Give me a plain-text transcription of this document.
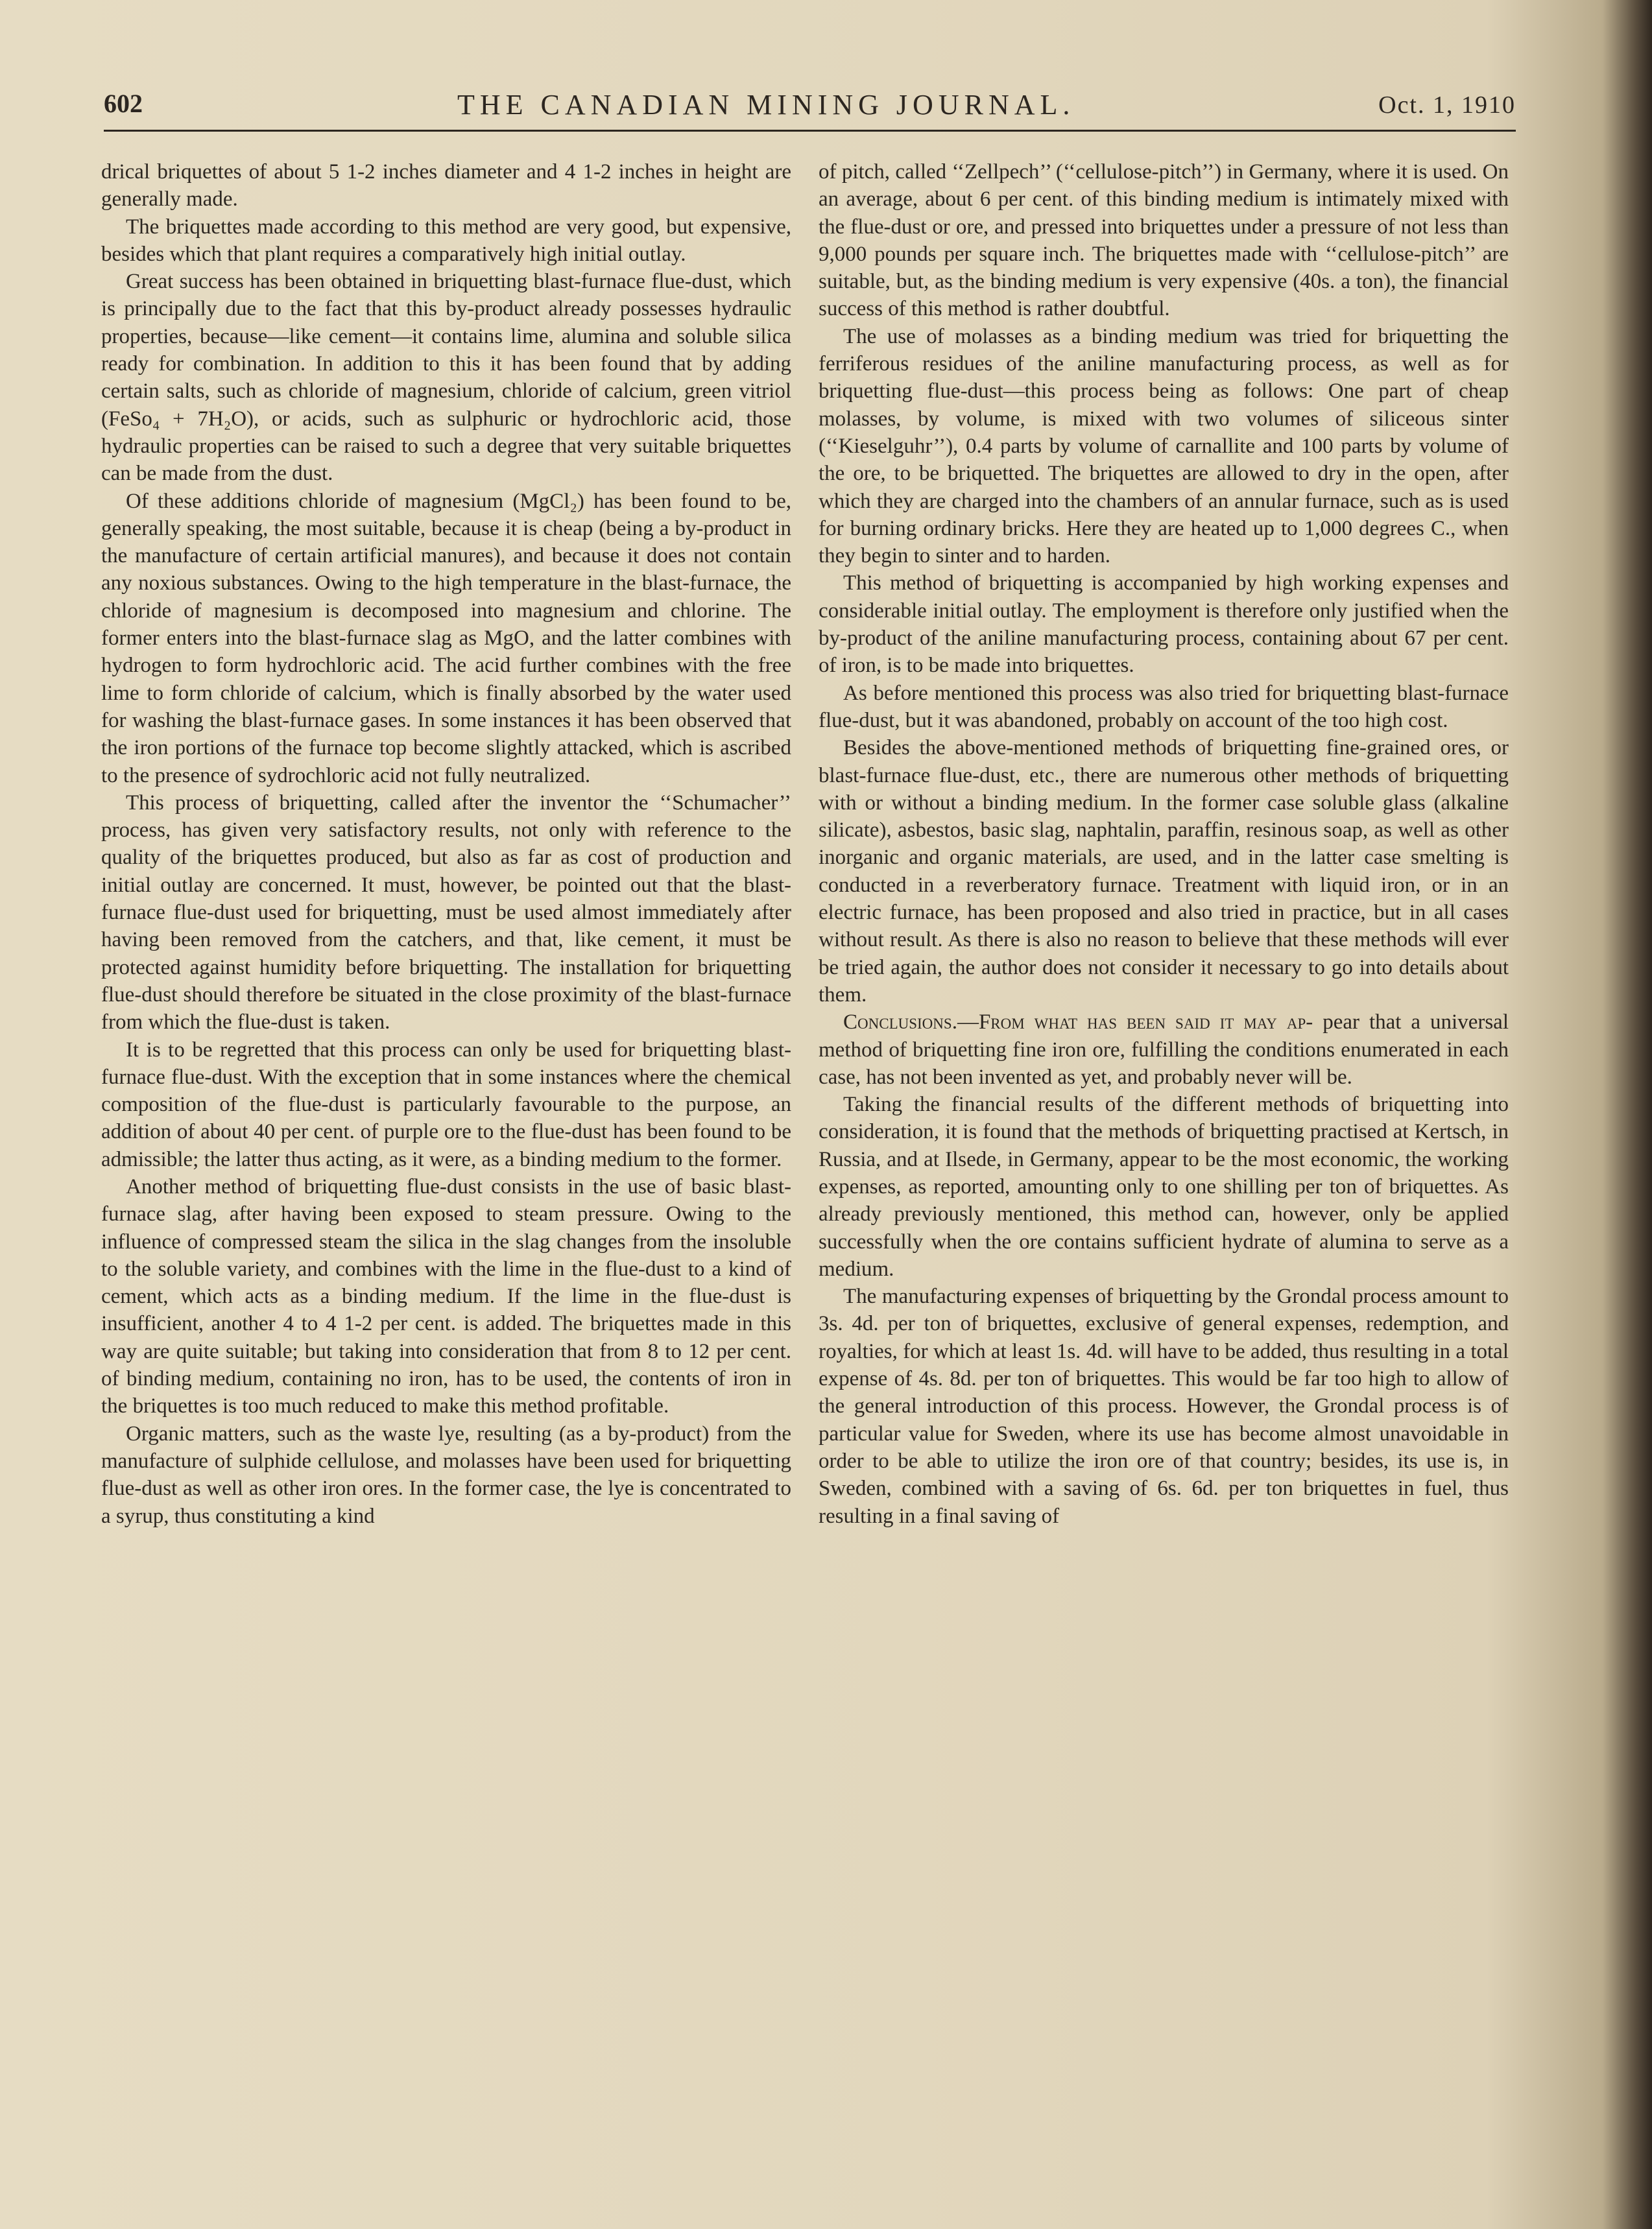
602	THE CANADIAN MINING JOURNAL.	Oct. 1, 1910

drical briquettes of about 5 1-2 inches diameter and 4 1-2 inches in height are generally made.

The briquettes made according to this method are very good, but expensive, besides which that plant requires a comparatively high initial outlay.

Great success has been obtained in briquetting blast-furnace flue-dust, which is principally due to the fact that this by-product already possesses hydraulic properties, because—like cement—it contains lime, alumina and soluble silica ready for combination. In addition to this it has been found that by adding certain salts, such as chloride of magnesium, chloride of calcium, green vitriol (FeSo₄ + 7H₂O), or acids, such as sulphuric or hydrochloric acid, those hydraulic properties can be raised to such a degree that very suitable briquettes can be made from the dust.

Of these additions chloride of magnesium (MgCl₂) has been found to be, generally speaking, the most suitable, because it is cheap (being a by-product in the manufacture of certain artificial manures), and because it does not contain any noxious substances. Owing to the high temperature in the blast-furnace, the chloride of magnesium is decomposed into magnesium and chlorine. The former enters into the blast-furnace slag as MgO, and the latter combines with hydrogen to form hydrochloric acid. The acid further combines with the free lime to form chloride of calcium, which is finally absorbed by the water used for washing the blast-furnace gases. In some instances it has been observed that the iron portions of the furnace top become slightly attacked, which is ascribed to the presence of sydrochloric acid not fully neutralized.

This process of briquetting, called after the inventor the ‘‘Schumacher’’ process, has given very satisfactory results, not only with reference to the quality of the briquettes produced, but also as far as cost of production and initial outlay are concerned. It must, however, be pointed out that the blast-furnace flue-dust used for briquetting, must be used almost immediately after having been removed from the catchers, and that, like cement, it must be protected against humidity before briquetting. The installation for briquetting flue-dust should therefore be situated in the close proximity of the blast-furnace from which the flue-dust is taken.

It is to be regretted that this process can only be used for briquetting blast-furnace flue-dust. With the exception that in some instances where the chemical composition of the flue-dust is particularly favourable to the purpose, an addition of about 40 per cent. of purple ore to the flue-dust has been found to be admissible; the latter thus acting, as it were, as a binding medium to the former.

Another method of briquetting flue-dust consists in the use of basic blast-furnace slag, after having been exposed to steam pressure. Owing to the influence of compressed steam the silica in the slag changes from the insoluble to the soluble variety, and combines with the lime in the flue-dust to a kind of cement, which acts as a binding medium. If the lime in the flue-dust is insufficient, another 4 to 4 1-2 per cent. is added. The briquettes made in this way are quite suitable; but taking into consideration that from 8 to 12 per cent. of binding medium, containing no iron, has to be used, the contents of iron in the briquettes is too much reduced to make this method profitable.

Organic matters, such as the waste lye, resulting (as a by-product) from the manufacture of sulphide cellulose, and molasses have been used for briquetting flue-dust as well as other iron ores. In the former case, the lye is concentrated to a syrup, thus constituting a kind

of pitch, called ‘‘Zellpech’’ (‘‘cellulose-pitch’’) in Germany, where it is used. On an average, about 6 per cent. of this binding medium is intimately mixed with the flue-dust or ore, and pressed into briquettes under a pressure of not less than 9,000 pounds per square inch. The briquettes made with ‘‘cellulose-pitch’’ are suitable, but, as the binding medium is very expensive (40s. a ton), the financial success of this method is rather doubtful.

The use of molasses as a binding medium was tried for briquetting the ferriferous residues of the aniline manufacturing process, as well as for briquetting flue-dust—this process being as follows: One part of cheap molasses, by volume, is mixed with two volumes of siliceous sinter (‘‘Kieselguhr’’), 0.4 parts by volume of carnallite and 100 parts by volume of the ore, to be briquetted. The briquettes are allowed to dry in the open, after which they are charged into the chambers of an annular furnace, such as is used for burning ordinary bricks. Here they are heated up to 1,000 degrees C., when they begin to sinter and to harden.

This method of briquetting is accompanied by high working expenses and considerable initial outlay. The employment is therefore only justified when the by-product of the aniline manufacturing process, containing about 67 per cent. of iron, is to be made into briquettes.

As before mentioned this process was also tried for briquetting blast-furnace flue-dust, but it was abandoned, probably on account of the too high cost.

Besides the above-mentioned methods of briquetting fine-grained ores, or blast-furnace flue-dust, etc., there are numerous other methods of briquetting with or without a binding medium. In the former case soluble glass (alkaline silicate), asbestos, basic slag, naphtalin, paraffin, resinous soap, as well as other inorganic and organic materials, are used, and in the latter case smelting is conducted in a reverberatory furnace. Treatment with liquid iron, or in an electric furnace, has been proposed and also tried in practice, but in all cases without result. As there is also no reason to believe that these methods will ever be tried again, the author does not consider it necessary to go into details about them.

Conclusions.—From what has been said it may ap- pear that a universal method of briquetting fine iron ore, fulfilling the conditions enumerated in each case, has not been invented as yet, and probably never will be.

Taking the financial results of the different methods of briquetting into consideration, it is found that the methods of briquetting practised at Kertsch, in Russia, and at Ilsede, in Germany, appear to be the most economic, the working expenses, as reported, amounting only to one shilling per ton of briquettes. As already previously mentioned, this method can, however, only be applied successfully when the ore contains sufficient hydrate of alumina to serve as a medium.

The manufacturing expenses of briquetting by the Grondal process amount to 3s. 4d. per ton of briquettes, exclusive of general expenses, redemption, and royalties, for which at least 1s. 4d. will have to be added, thus resulting in a total expense of 4s. 8d. per ton of briquettes. This would be far too high to allow of the general introduction of this process. However, the Grondal process is of particular value for Sweden, where its use has become almost unavoidable in order to be able to utilize the iron ore of that country; besides, its use is, in Sweden, combined with a saving of 6s. 6d. per ton briquettes in fuel, thus resulting in a final saving of
